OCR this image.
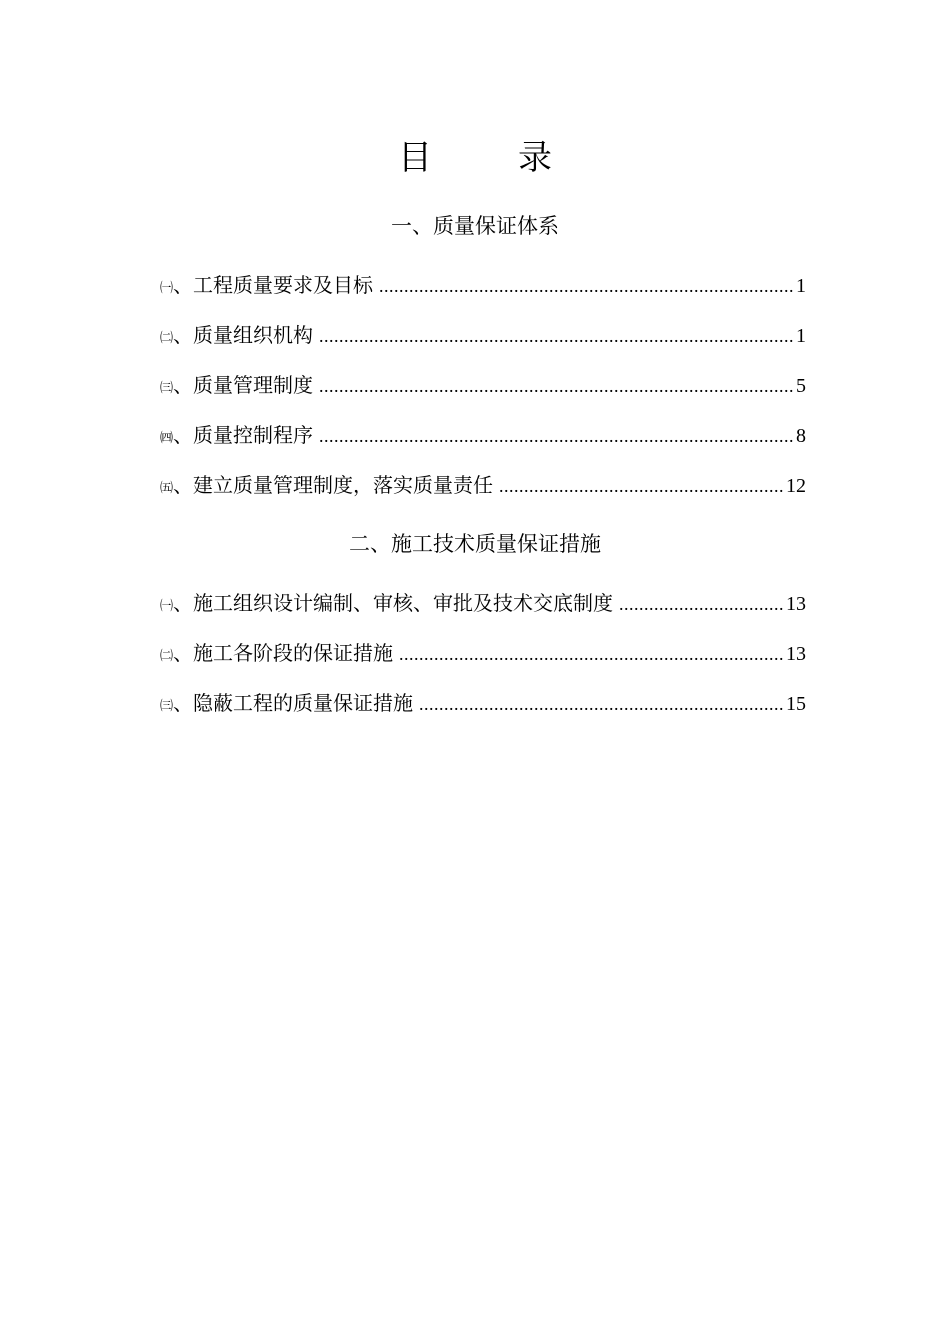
目	录
一、质量保证体系
㈠ 、 工程质量要求及目标 .....	1
㈡ 、 质量组织机构 .....	1
㈢ 、 质量管理制度 .....	5
㈣ 、 质量控制程序 .....	8
㈤ 、 建立质量管理制度，落实质量责任 .....	12
二、施工技术质量保证措施
㈠ 、 施工组织设计编制、审核、审批及技术交底制度 .....	13
㈡ 、 施工各阶段的保证措施 .....	13
㈢ 、 隐蔽工程的质量保证措施 .....	15
